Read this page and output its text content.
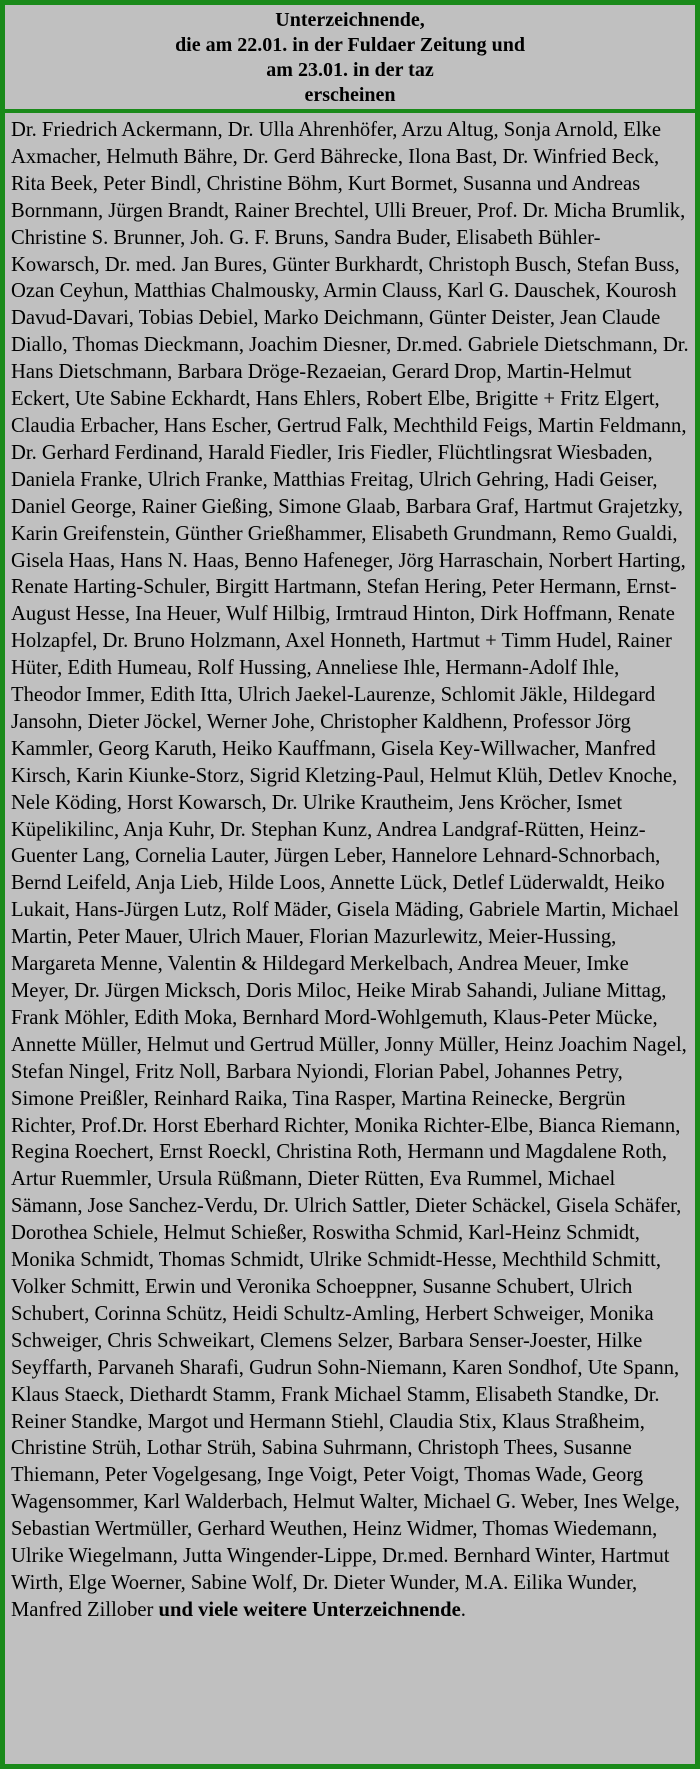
Unterzeichnende,
die am 22.01. in der Fuldaer Zeitung und
am 23.01. in der taz
erscheinen
Dr. Friedrich Ackermann, Dr. Ulla Ahrenhöfer, Arzu Altug, Sonja Arnold, Elke Axmacher, Helmuth Bähre, Dr. Gerd Bährecke, Ilona Bast, Dr. Winfried Beck, Rita Beek, Peter Bindl, Christine Böhm, Kurt Bormet, Susanna und Andreas Bornmann, Jürgen Brandt, Rainer Brechtel, Ulli Breuer, Prof. Dr. Micha Brumlik, Christine S. Brunner, Joh. G. F. Bruns, Sandra Buder, Elisabeth Bühler-Kowarsch, Dr. med. Jan Bures, Günter Burkhardt, Christoph Busch, Stefan Buss, Ozan Ceyhun, Matthias Chalmousky, Armin Clauss, Karl G. Dauschek, Kourosh Davud-Davari, Tobias Debiel, Marko Deichmann, Günter Deister, Jean Claude Diallo, Thomas Dieckmann, Joachim Diesner, Dr.med. Gabriele Dietschmann, Dr. Hans Dietschmann, Barbara Dröge-Rezaeian, Gerard Drop, Martin-Helmut Eckert, Ute Sabine Eckhardt, Hans Ehlers, Robert Elbe, Brigitte + Fritz Elgert, Claudia Erbacher, Hans Escher, Gertrud Falk, Mechthild Feigs, Martin Feldmann, Dr. Gerhard Ferdinand, Harald Fiedler, Iris Fiedler, Flüchtlingsrat Wiesbaden, Daniela Franke, Ulrich Franke, Matthias Freitag, Ulrich Gehring, Hadi Geiser, Daniel George, Rainer Gießing, Simone Glaab, Barbara Graf, Hartmut Grajetzky, Karin Greifenstein, Günther Grießhammer, Elisabeth Grundmann, Remo Gualdi, Gisela Haas, Hans N. Haas, Benno Hafeneger, Jörg Harraschain, Norbert Harting, Renate Harting-Schuler, Birgitt Hartmann, Stefan Hering, Peter Hermann, Ernst-August Hesse, Ina Heuer, Wulf Hilbig, Irmtraud Hinton, Dirk Hoffmann, Renate Holzapfel, Dr. Bruno Holzmann, Axel Honneth, Hartmut + Timm Hudel, Rainer Hüter, Edith Humeau, Rolf Hussing, Anneliese Ihle, Hermann-Adolf Ihle, Theodor Immer, Edith Itta, Ulrich Jaekel-Laurenze, Schlomit Jäkle, Hildegard Jansohn, Dieter Jöckel, Werner Johe, Christopher Kaldhenn, Professor Jörg Kammler, Georg Karuth, Heiko Kauffmann, Gisela Key-Willwacher, Manfred Kirsch, Karin Kiunke-Storz, Sigrid Kletzing-Paul, Helmut Klüh, Detlev Knoche, Nele Köding, Horst Kowarsch, Dr. Ulrike Krautheim, Jens Kröcher, Ismet Küpelikilinc, Anja Kuhr, Dr. Stephan Kunz, Andrea Landgraf-Rütten, Heinz-Guenter Lang, Cornelia Lauter, Jürgen Leber, Hannelore Lehnard-Schnorbach, Bernd Leifeld, Anja Lieb, Hilde Loos, Annette Lück, Detlef Lüderwaldt, Heiko Lukait, Hans-Jürgen Lutz, Rolf Mäder, Gisela Mäding, Gabriele Martin, Michael Martin, Peter Mauer, Ulrich Mauer, Florian Mazurlewitz, Meier-Hussing, Margareta Menne, Valentin & Hildegard Merkelbach, Andrea Meuer, Imke Meyer, Dr. Jürgen Micksch, Doris Miloc, Heike Mirab Sahandi, Juliane Mittag, Frank Möhler, Edith Moka, Bernhard Mord-Wohlgemuth, Klaus-Peter Mücke, Annette Müller, Helmut und Gertrud Müller, Jonny Müller, Heinz Joachim Nagel, Stefan Ningel, Fritz Noll, Barbara Nyiondi, Florian Pabel, Johannes Petry, Simone Preißler, Reinhard Raika, Tina Rasper, Martina Reinecke, Bergrün Richter, Prof.Dr. Horst Eberhard Richter, Monika Richter-Elbe, Bianca Riemann, Regina Roechert, Ernst Roeckl, Christina Roth, Hermann und Magdalene Roth, Artur Ruemmler, Ursula Rüßmann, Dieter Rütten, Eva Rummel, Michael Sämann, Jose Sanchez-Verdu, Dr. Ulrich Sattler, Dieter Schäckel, Gisela Schäfer, Dorothea Schiele, Helmut Schießer, Roswitha Schmid, Karl-Heinz Schmidt, Monika Schmidt, Thomas Schmidt, Ulrike Schmidt-Hesse, Mechthild Schmitt, Volker Schmitt, Erwin und Veronika Schoeppner, Susanne Schubert, Ulrich Schubert, Corinna Schütz, Heidi Schultz-Amling, Herbert Schweiger, Monika Schweiger, Chris Schweikart, Clemens Selzer, Barbara Senser-Joester, Hilke Seyffarth, Parvaneh Sharafi, Gudrun Sohn-Niemann, Karen Sondhof, Ute Spann, Klaus Staeck, Diethardt Stamm, Frank Michael Stamm, Elisabeth Standke, Dr. Reiner Standke, Margot und Hermann Stiehl, Claudia Stix, Klaus Straßheim, Christine Strüh, Lothar Strüh, Sabina Suhrmann, Christoph Thees, Susanne Thiemann, Peter Vogelgesang, Inge Voigt, Peter Voigt, Thomas Wade, Georg Wagensommer, Karl Walderbach, Helmut Walter, Michael G. Weber, Ines Welge, Sebastian Wertmüller, Gerhard Weuthen, Heinz Widmer, Thomas Wiedemann, Ulrike Wiegelmann, Jutta Wingender-Lippe, Dr.med. Bernhard Winter, Hartmut Wirth, Elge Woerner, Sabine Wolf, Dr. Dieter Wunder, M.A. Eilika Wunder, Manfred Zillober und viele weitere Unterzeichnende.
